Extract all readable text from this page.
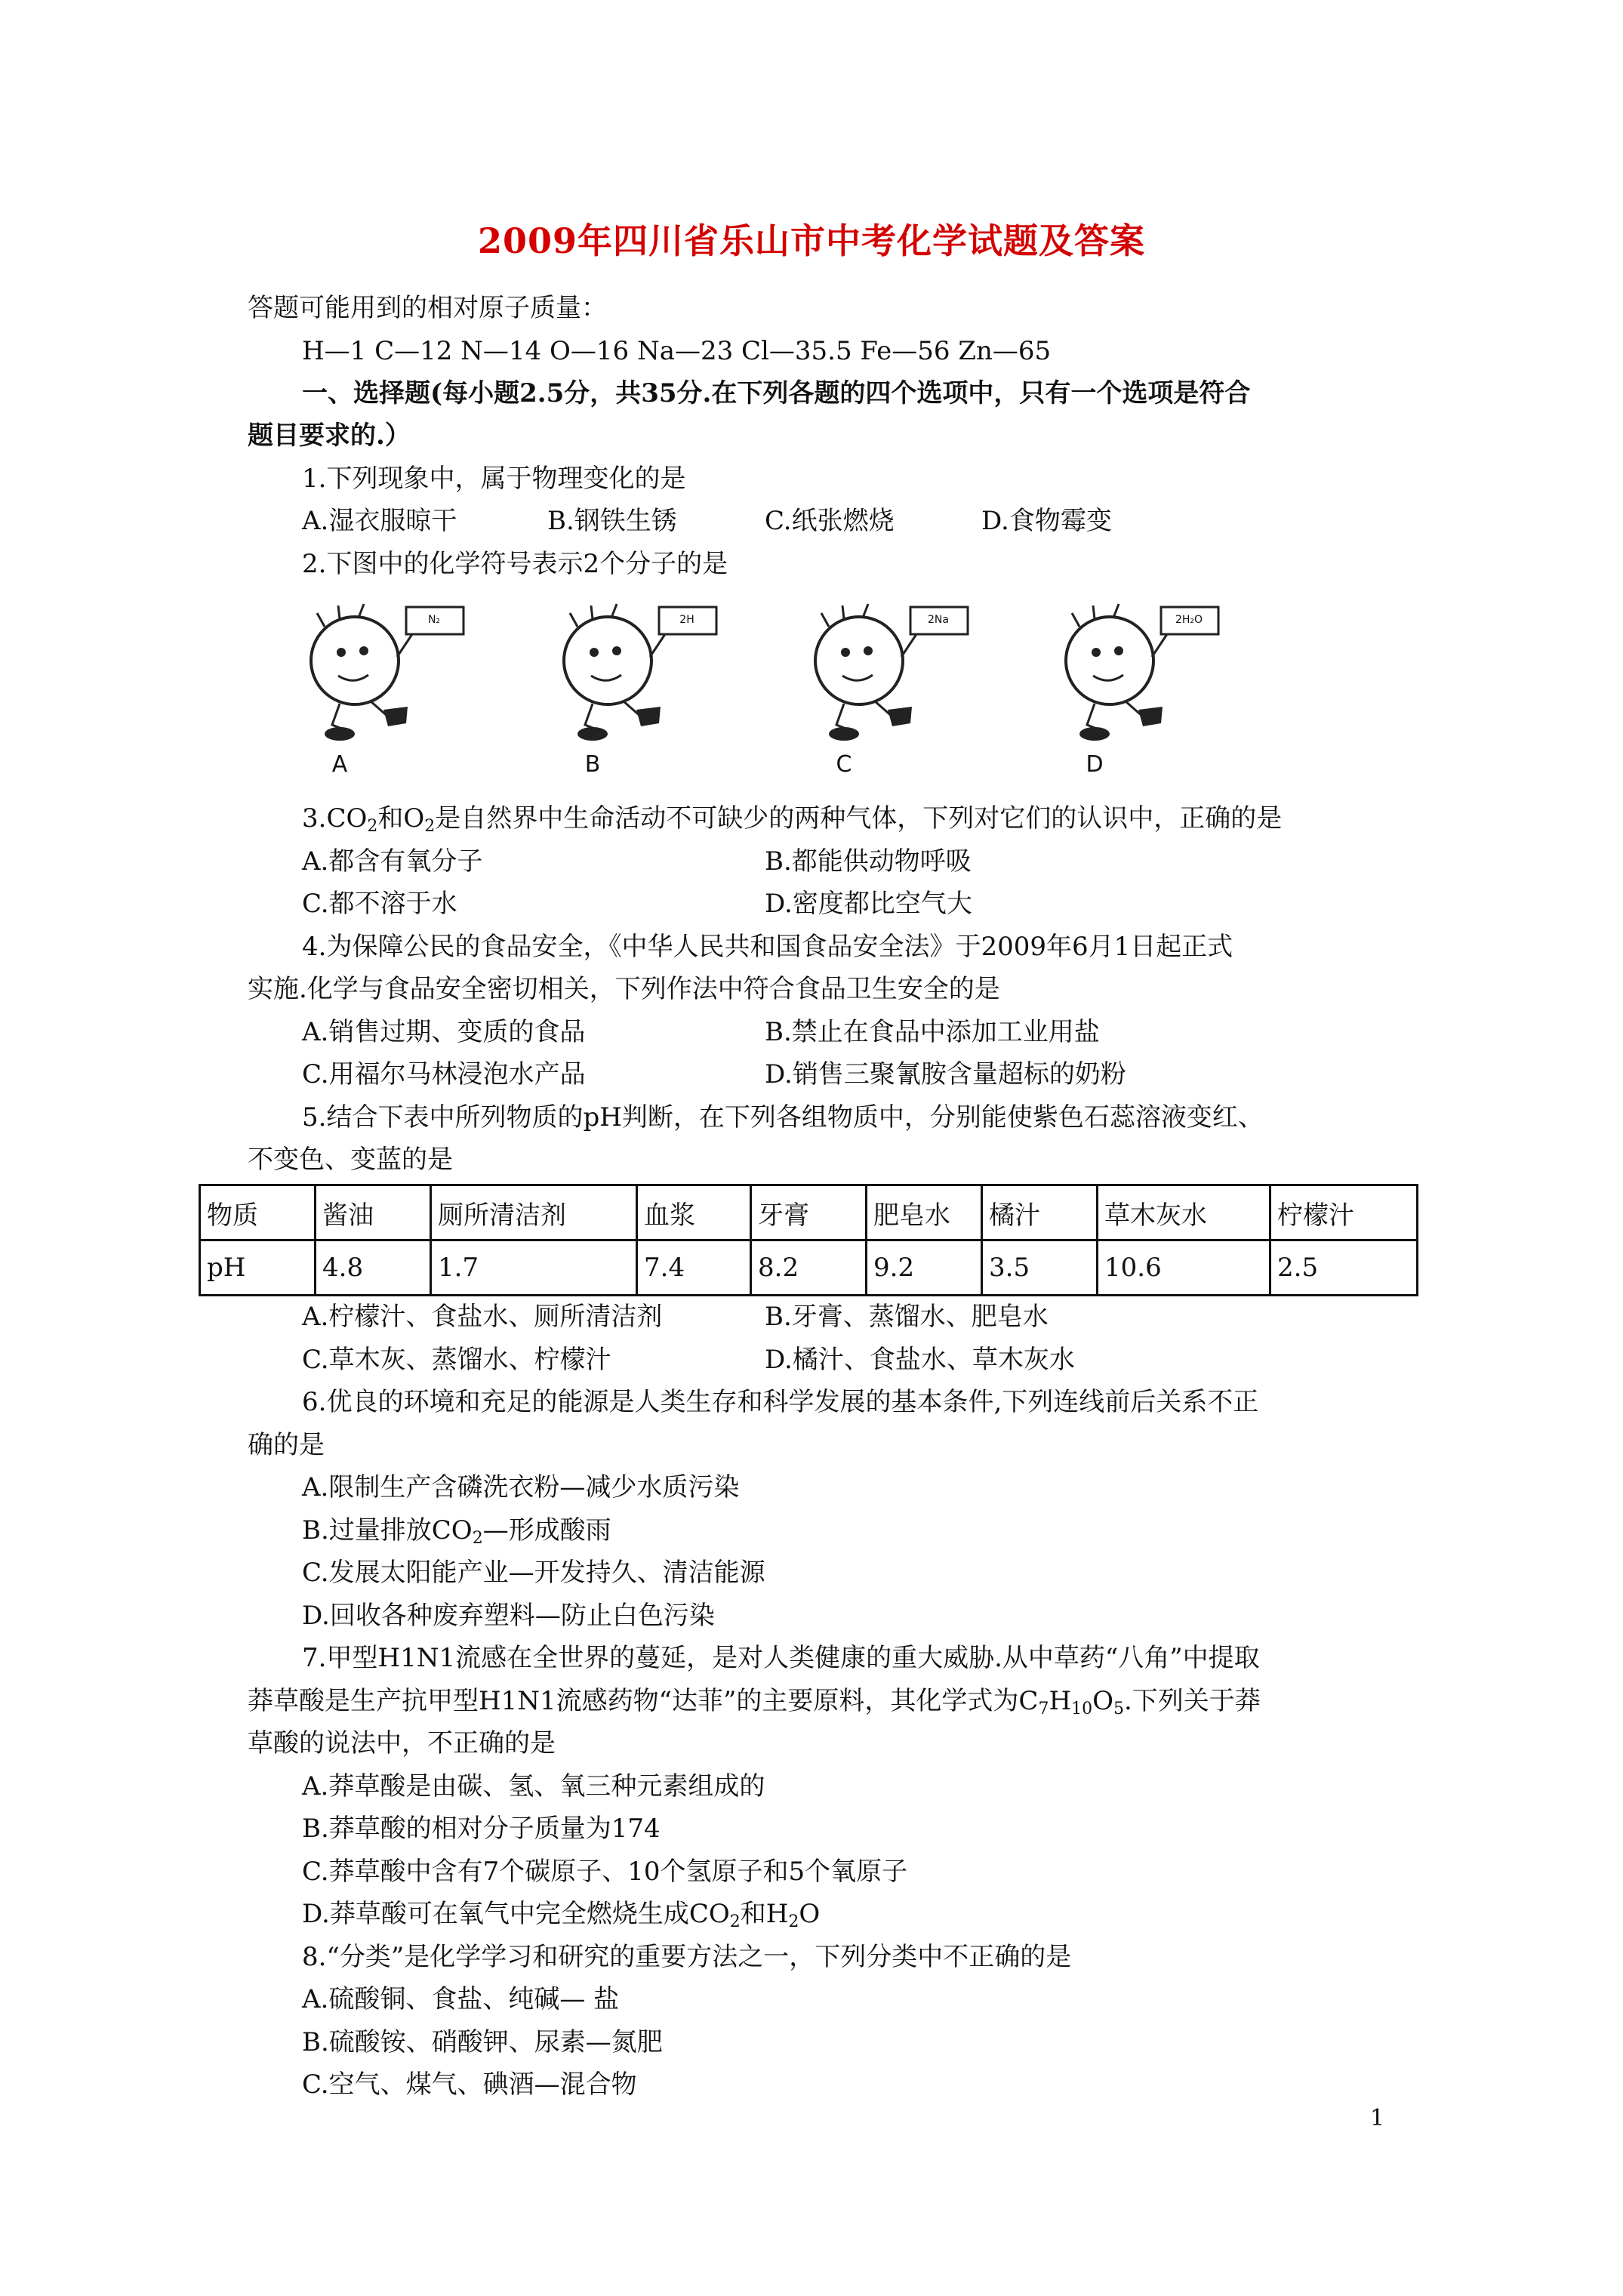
2009年四川省乐山市中考化学试题及答案
答题可能用到的相对原子质量：
H—1 C—12 N—14 O—16 Na—23 Cl—35.5 Fe—56 Zn—65
一、选择题(每小题2.5分，共35分.在下列各题的四个选项中，只有一个选项是符合
题目要求的.）
1.下列现象中，属于物理变化的是
A.湿衣服晾干	B.钢铁生锈	C.纸张燃烧	D.食物霉变
2.下图中的化学符号表示2个分子的是
N₂
A
2H
B
2Na
C
2H₂O
D
$3.CO_2$和$O_2$是自然界中生命活动不可缺少的两种气体，下列对它们的认识中，正确的是
A.都含有氧分子	B.都能供动物呼吸
C.都不溶于水	D.密度都比空气大
4.为保障公民的食品安全，《中华人民共和国食品安全法》于2009年6月1日起正式
实施.化学与食品安全密切相关，下列作法中符合食品卫生安全的是
A.销售过期、变质的食品	B.禁止在食品中添加工业用盐
C.用福尔马林浸泡水产品	D.销售三聚氰胺含量超标的奶粉
5.结合下表中所列物质的pH判断，在下列各组物质中，分别能使紫色石蕊溶液变红、
不变色、变蓝的是
物质	酱油	厕所清洁剂	血浆	牙膏	肥皂水	橘汁	草木灰水	柠檬汁
pH	4.8	1.7	7.4	8.2	9.2	3.5	10.6	2.5
A.柠檬汁、食盐水、厕所清洁剂	B.牙膏、蒸馏水、肥皂水
C.草木灰、蒸馏水、柠檬汁	D.橘汁、食盐水、草木灰水
6.优良的环境和充足的能源是人类生存和科学发展的基本条件,下列连线前后关系不正
确的是
A.限制生产含磷洗衣粉—减少水质污染
B.过量排放$CO_2—$形成酸雨
C.发展太阳能产业—开发持久、清洁能源
D.回收各种废弃塑料—防止白色污染
7.甲型H1N1流感在全世界的蔓延，是对人类健康的重大威胁.从中草药“八角”中提取
莽草酸是生产抗甲型H1N1流感药物“达菲”的主要原料，其化学式为$C_7H_{10}O_5$.下列关于莽
草酸的说法中，不正确的是
A.莽草酸是由碳、氢、氧三种元素组成的
B.莽草酸的相对分子质量为174
C.莽草酸中含有7个碳原子、10个氢原子和5个氧原子
D.莽草酸可在氧气中完全燃烧生成$CO_2$和$H_2O$
8.“分类”是化学学习和研究的重要方法之一，下列分类中不正确的是
A.硫酸铜、食盐、纯碱— 盐
B.硫酸铵、硝酸钾、尿素—氮肥
C.空气、煤气、碘酒—混合物
1
